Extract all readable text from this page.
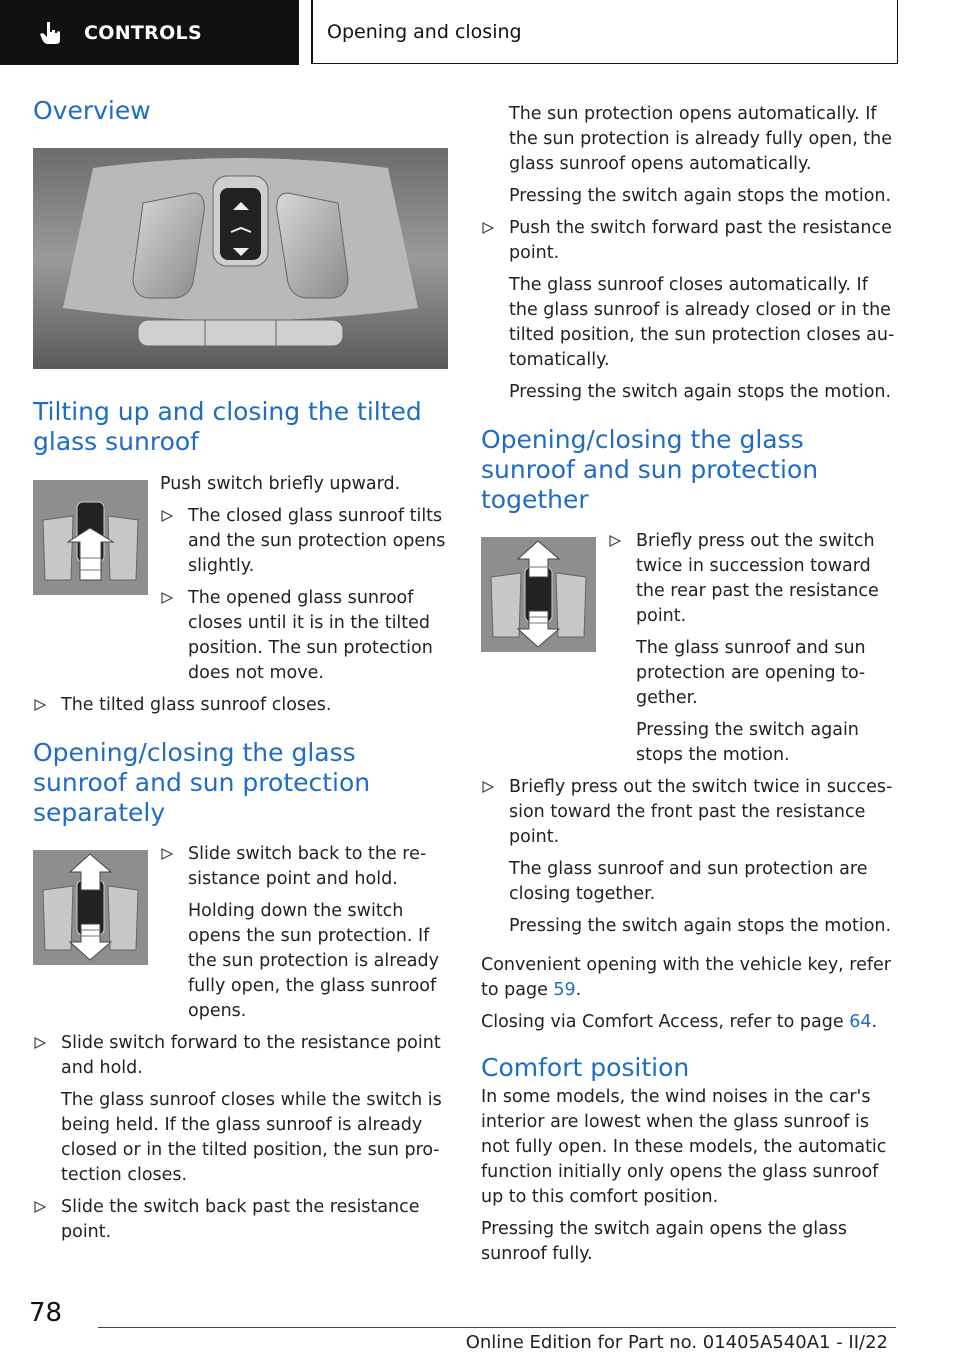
CONTROLS	Opening and closing
Overview
Tilting up and closing the tilted glass sunroof

Push switch briefly upward.

The closed glass sunroof tilts and the sun protection opens slightly.

The opened glass sunroof closes until it is in the tilted position. The sun protection does not move.

The tilted glass sunroof closes.

Opening/closing the glass sunroof and sun protection separately

Slide switch back to the re‐sistance point and hold.

Holding down the switch opens the sun protection. If the sun protection is already fully open, the glass sunroof opens.

Slide switch forward to the resistance point and hold.

The glass sunroof closes while the switch is being held. If the glass sunroof is already closed or in the tilted position, the sun pro‐tection closes.

Slide the switch back past the resistance point.

The sun protection opens automatically. If the sun protection is already fully open, the glass sunroof opens automatically.

Pressing the switch again stops the motion.

Push the switch forward past the resistance point.

The glass sunroof closes automatically. If the glass sunroof is already closed or in the tilted position, the sun protection closes au‐tomatically.

Pressing the switch again stops the motion.

Opening/closing the glass sunroof and sun protection together

Briefly press out the switch twice in succession toward the rear past the resistance point.

The glass sunroof and sun protection are opening to‐gether.

Pressing the switch again stops the motion.

Briefly press out the switch twice in succes‐sion toward the front past the resistance point.

The glass sunroof and sun protection are closing together.

Pressing the switch again stops the motion.

Convenient opening with the vehicle key, refer to page 59.

Closing via Comfort Access, refer to page 64.

Comfort position

In some models, the wind noises in the car's interior are lowest when the glass sunroof is not fully open. In these models, the automatic function initially only opens the glass sunroof up to this comfort position.

Pressing the switch again opens the glass sunroof fully.

78
Online Edition for Part no. 01405A540A1 - II/22
